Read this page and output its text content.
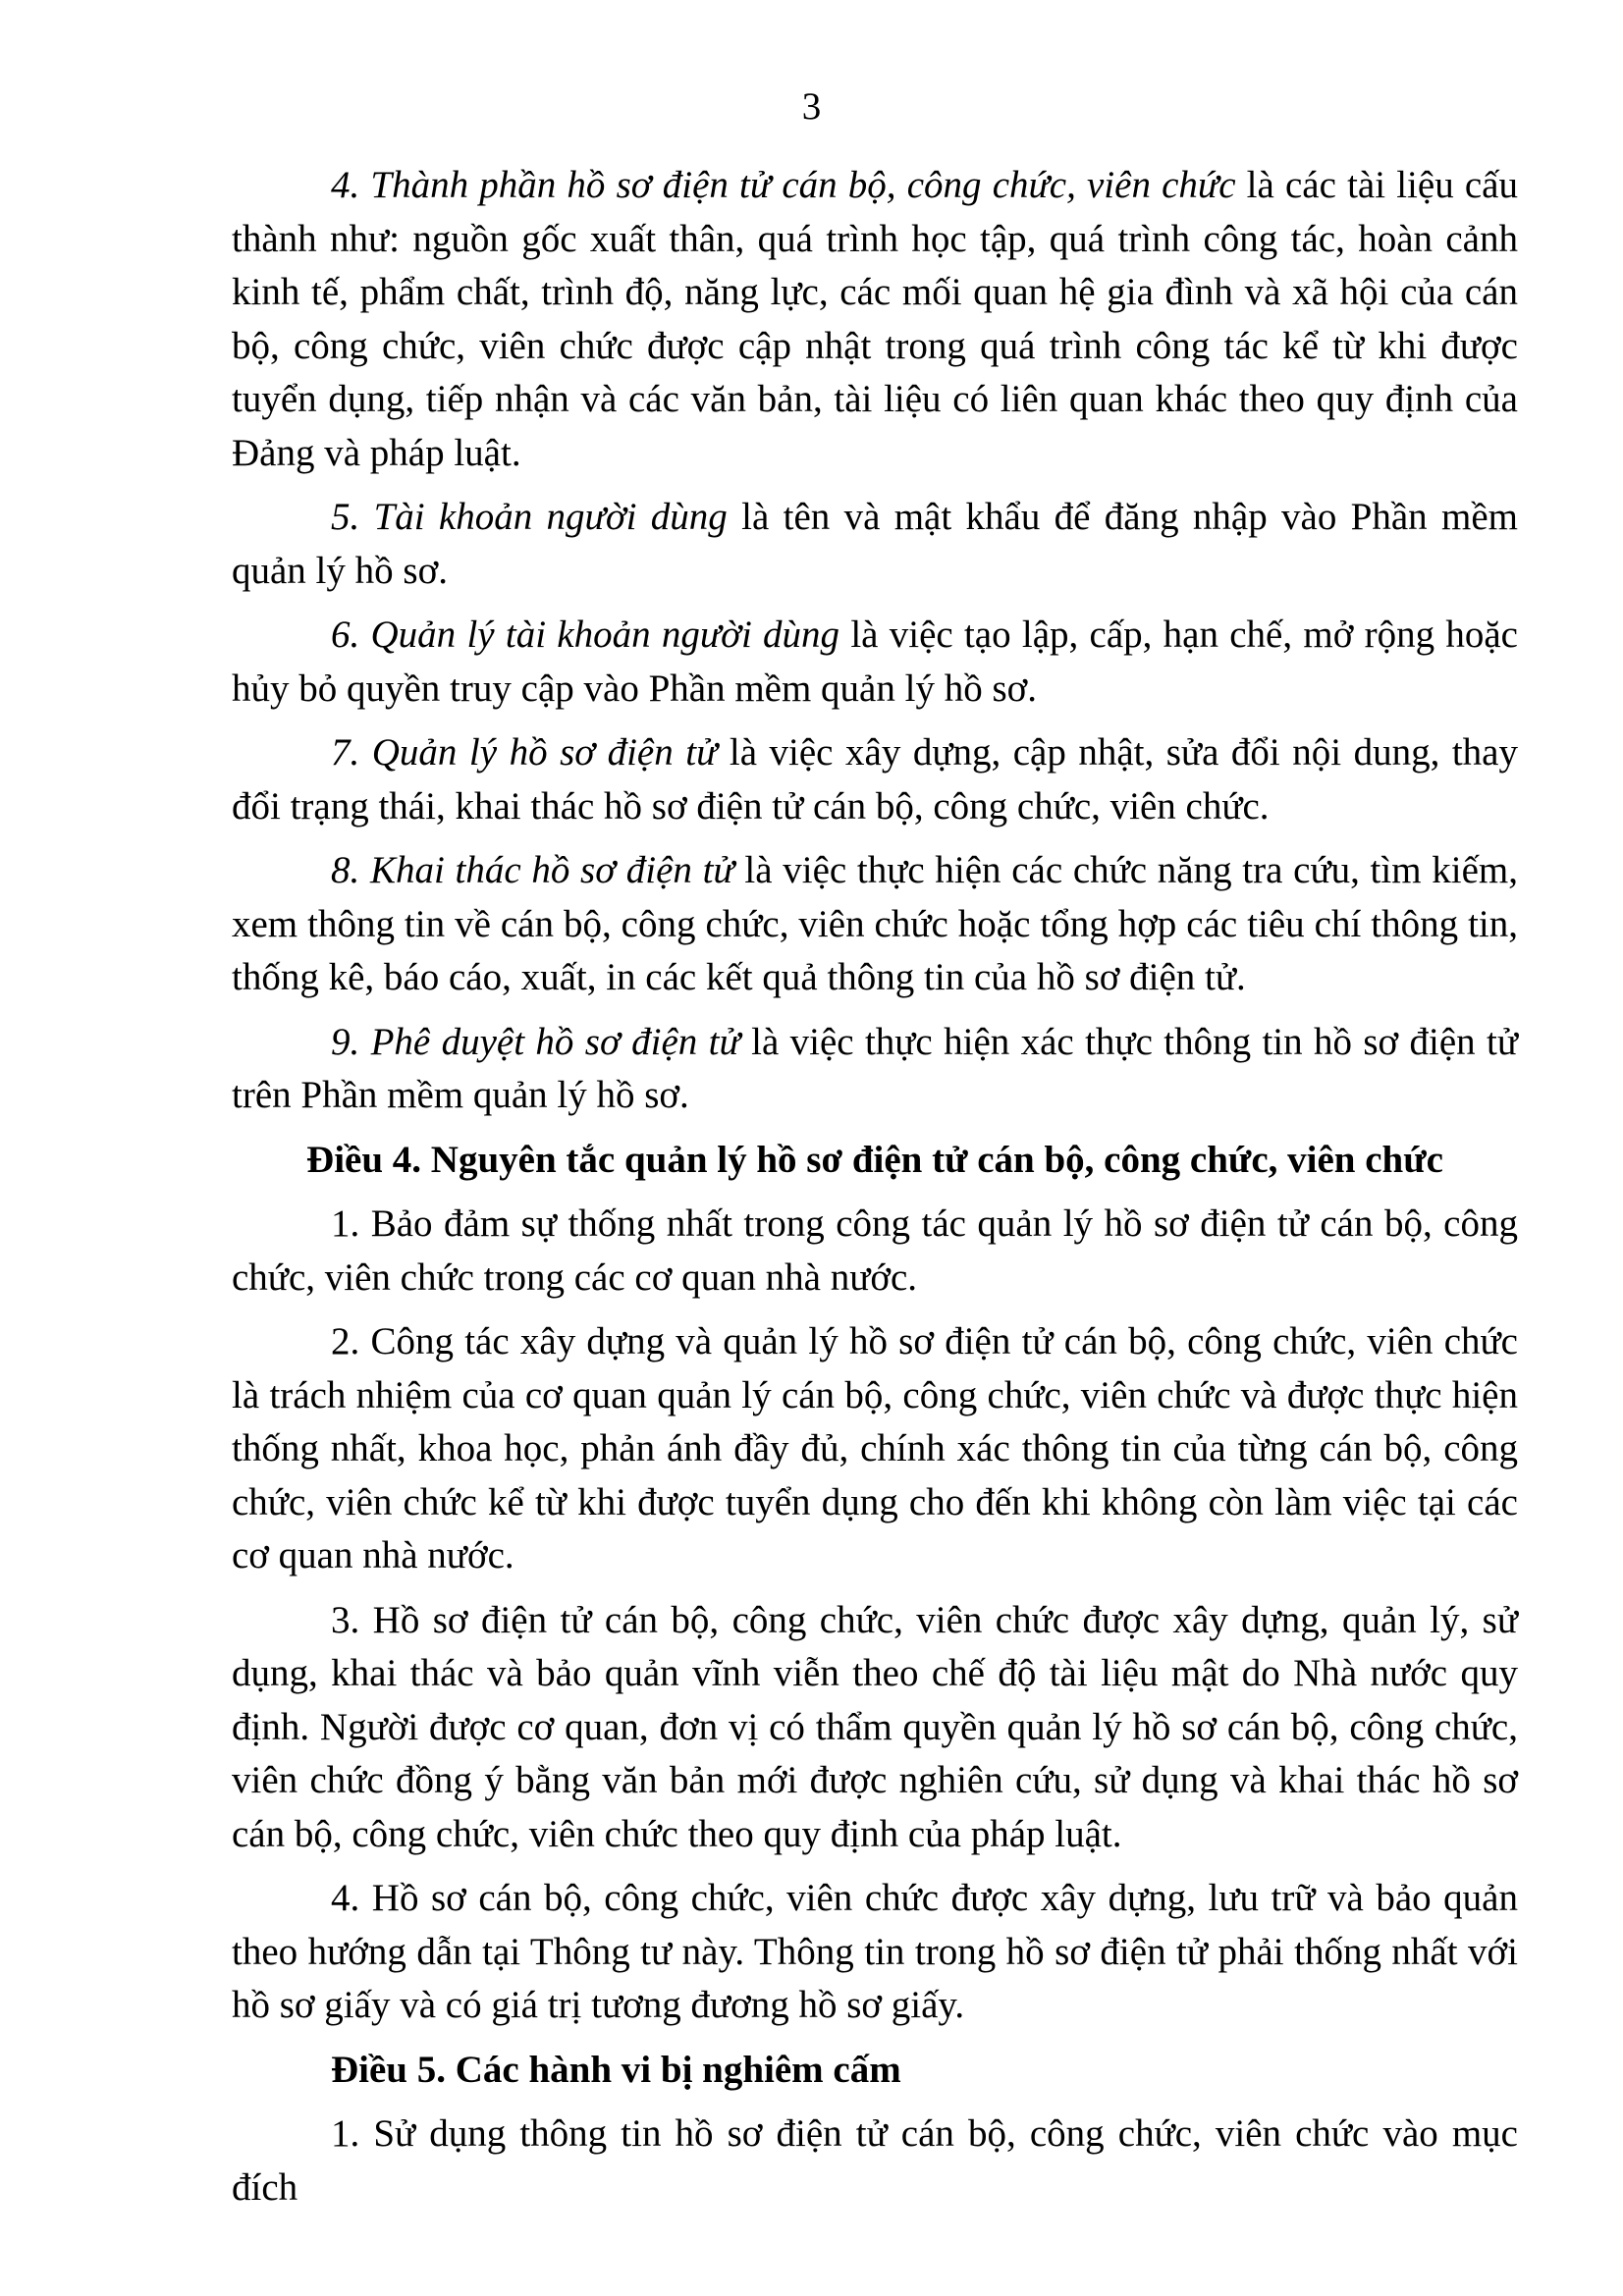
3

4. Thành phần hồ sơ điện tử cán bộ, công chức, viên chức là các tài liệu cấu thành như: nguồn gốc xuất thân, quá trình học tập, quá trình công tác, hoàn cảnh kinh tế, phẩm chất, trình độ, năng lực, các mối quan hệ gia đình và xã hội của cán bộ, công chức, viên chức được cập nhật trong quá trình công tác kể từ khi được tuyển dụng, tiếp nhận và các văn bản, tài liệu có liên quan khác theo quy định của Đảng và pháp luật.

5. Tài khoản người dùng là tên và mật khẩu để đăng nhập vào Phần mềm quản lý hồ sơ.

6. Quản lý tài khoản người dùng là việc tạo lập, cấp, hạn chế, mở rộng hoặc hủy bỏ quyền truy cập vào Phần mềm quản lý hồ sơ.

7. Quản lý hồ sơ điện tử là việc xây dựng, cập nhật, sửa đổi nội dung, thay đổi trạng thái, khai thác hồ sơ điện tử cán bộ, công chức, viên chức.

8. Khai thác hồ sơ điện tử là việc thực hiện các chức năng tra cứu, tìm kiếm, xem thông tin về cán bộ, công chức, viên chức hoặc tổng hợp các tiêu chí thông tin, thống kê, báo cáo, xuất, in các kết quả thông tin của hồ sơ điện tử.

9. Phê duyệt hồ sơ điện tử là việc thực hiện xác thực thông tin hồ sơ điện tử trên Phần mềm quản lý hồ sơ.

Điều 4. Nguyên tắc quản lý hồ sơ điện tử cán bộ, công chức, viên chức

1. Bảo đảm sự thống nhất trong công tác quản lý hồ sơ điện tử cán bộ, công chức, viên chức trong các cơ quan nhà nước.

2. Công tác xây dựng và quản lý hồ sơ điện tử cán bộ, công chức, viên chức là trách nhiệm của cơ quan quản lý cán bộ, công chức, viên chức và được thực hiện thống nhất, khoa học, phản ánh đầy đủ, chính xác thông tin của từng cán bộ, công chức, viên chức kể từ khi được tuyển dụng cho đến khi không còn làm việc tại các cơ quan nhà nước.

3. Hồ sơ điện tử cán bộ, công chức, viên chức được xây dựng, quản lý, sử dụng, khai thác và bảo quản vĩnh viễn theo chế độ tài liệu mật do Nhà nước quy định. Người được cơ quan, đơn vị có thẩm quyền quản lý hồ sơ cán bộ, công chức, viên chức đồng ý bằng văn bản mới được nghiên cứu, sử dụng và khai thác hồ sơ cán bộ, công chức, viên chức theo quy định của pháp luật.

4. Hồ sơ cán bộ, công chức, viên chức được xây dựng, lưu trữ và bảo quản theo hướng dẫn tại Thông tư này. Thông tin trong hồ sơ điện tử phải thống nhất với hồ sơ giấy và có giá trị tương đương hồ sơ giấy.

Điều 5. Các hành vi bị nghiêm cấm

1. Sử dụng thông tin hồ sơ điện tử cán bộ, công chức, viên chức vào mục đích
